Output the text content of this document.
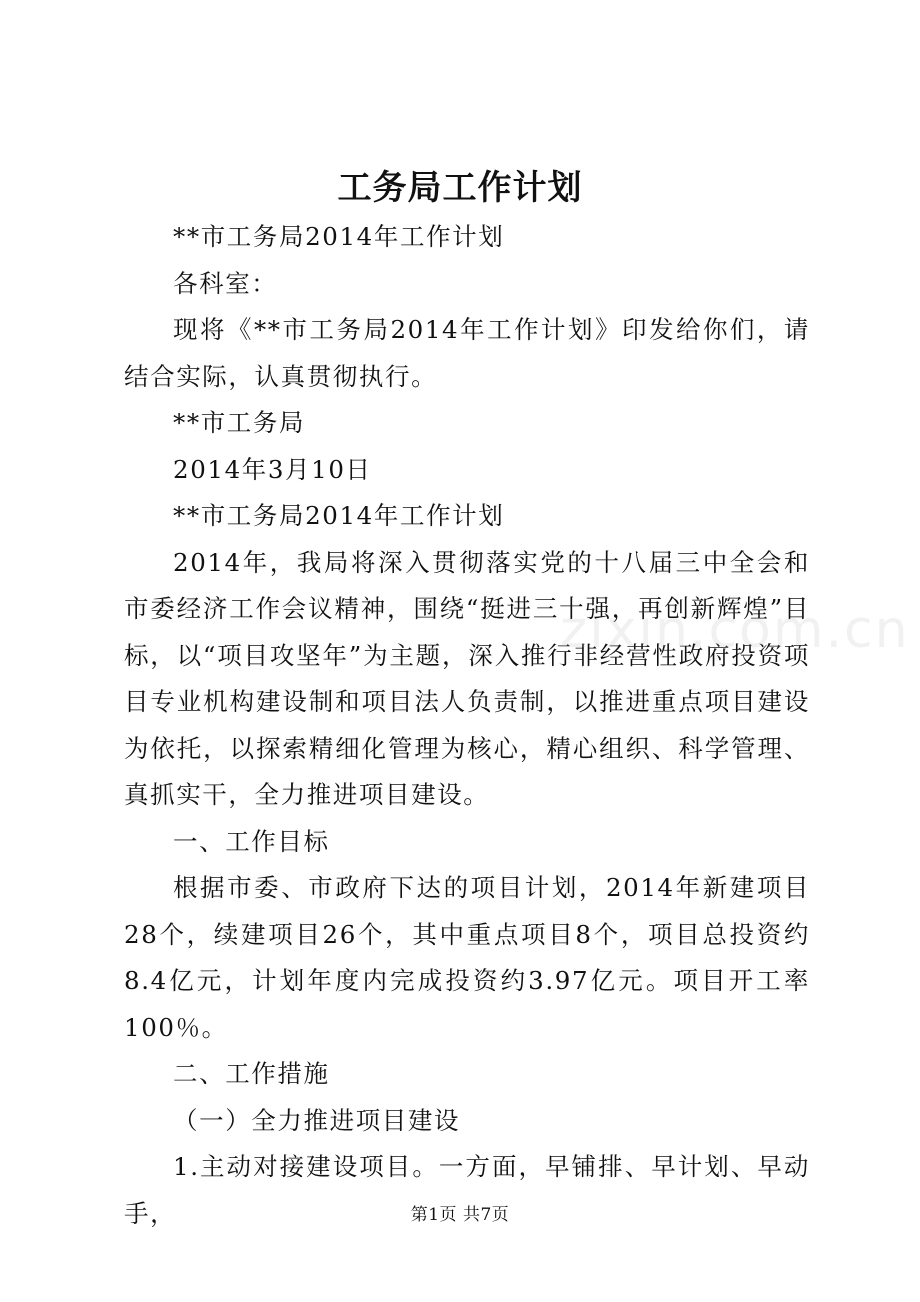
工务局工作计划

**市工务局2014年工作计划

各科室：

现将《**市工务局2014年工作计划》印发给你们，请结合实际，认真贯彻执行。

**市工务局

2014年3月10日

**市工务局2014年工作计划

2014年，我局将深入贯彻落实党的十八届三中全会和市委经济工作会议精神，围绕“挺进三十强，再创新辉煌”目标，以“项目攻坚年”为主题，深入推行非经营性政府投资项目专业机构建设制和项目法人负责制，以推进重点项目建设为依托，以探索精细化管理为核心，精心组织、科学管理、真抓实干，全力推进项目建设。

一、工作目标

根据市委、市政府下达的项目计划，2014年新建项目28个，续建项目26个，其中重点项目8个，项目总投资约8.4亿元，计划年度内完成投资约3.97亿元。项目开工率100％。

二、工作措施

（一）全力推进项目建设

1.主动对接建设项目。一方面，早铺排、早计划、早动手，

zixin.com.cn
第1页 共7页
